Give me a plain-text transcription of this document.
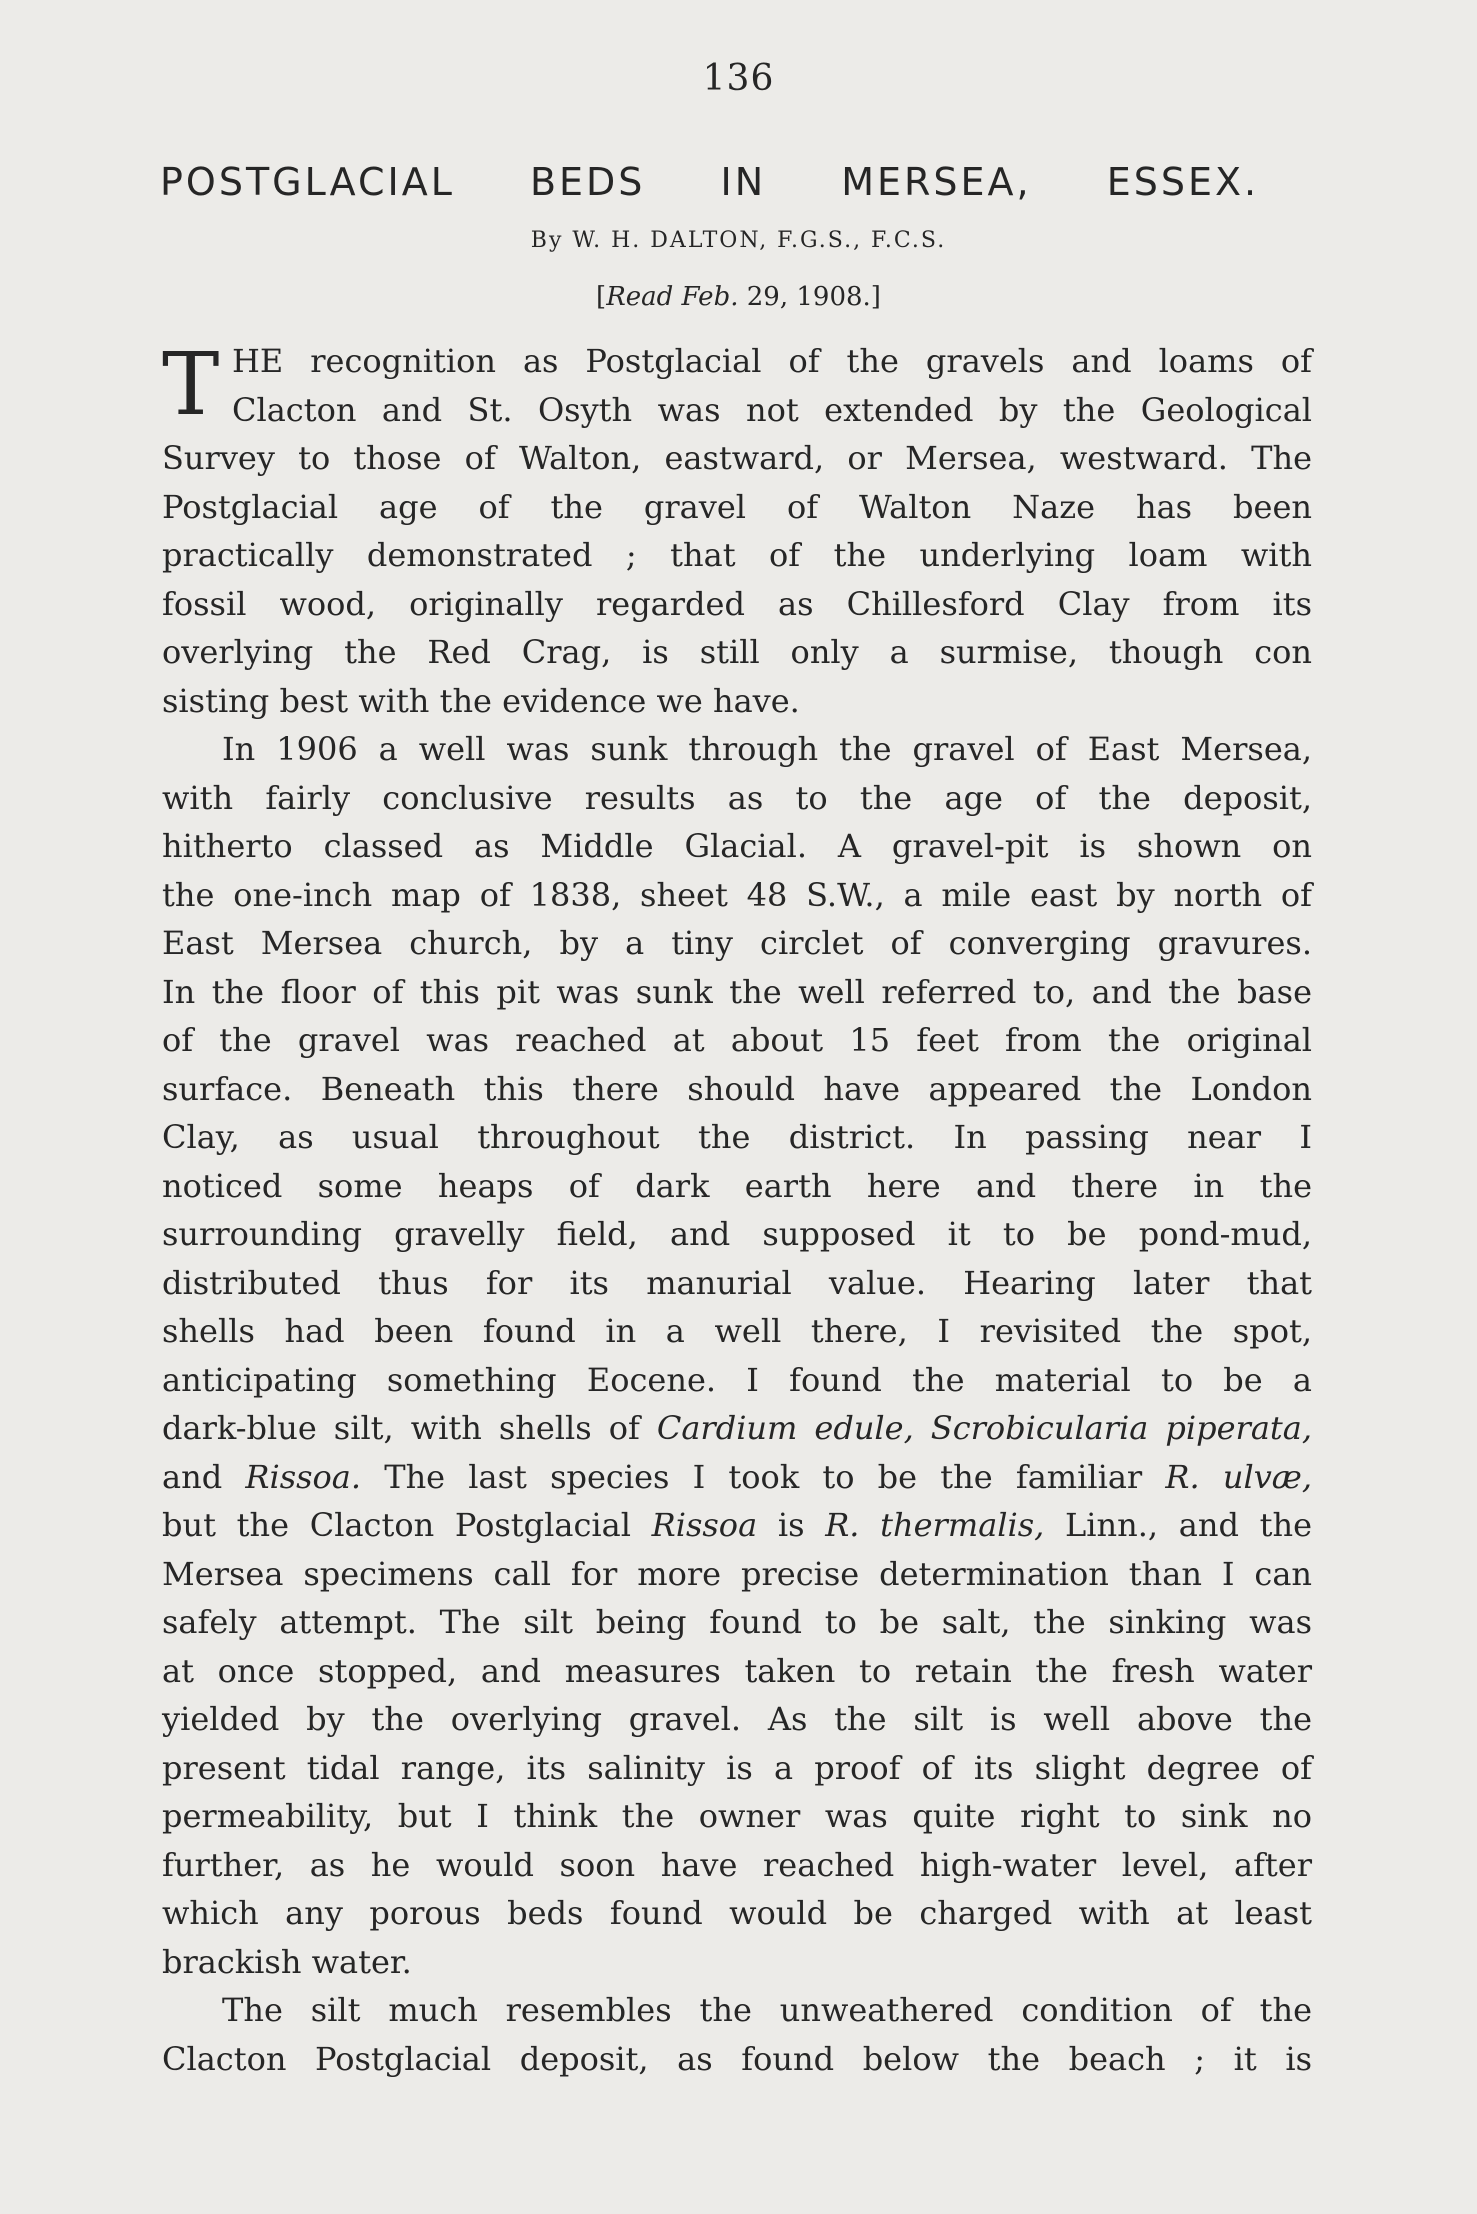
136
POSTGLACIAL BEDS IN MERSEA, ESSEX.
By W. H. DALTON, F.G.S., F.C.S.
[Read Feb. 29, 1908.]
T HE recognition as Postglacial of the gravels and loams of
Clacton and St. Osyth was not extended by the Geological
Survey to those of Walton, eastward, or Mersea, westward. The
Postglacial age of the gravel of Walton Naze has been
practically demonstrated ; that of the underlying loam with
fossil wood, originally regarded as Chillesford Clay from its
overlying the Red Crag, is still only a surmise, though con
sisting best with the evidence we have.
In 1906 a well was sunk through the gravel of East Mersea,
with fairly conclusive results as to the age of the deposit,
hitherto classed as Middle Glacial. A gravel-pit is shown on
the one-inch map of 1838, sheet 48 S.W., a mile east by north of
East Mersea church, by a tiny circlet of converging gravures.
In the floor of this pit was sunk the well referred to, and the base
of the gravel was reached at about 15 feet from the original
surface. Beneath this there should have appeared the London
Clay, as usual throughout the district. In passing near I
noticed some heaps of dark earth here and there in the
surrounding gravelly field, and supposed it to be pond-mud,
distributed thus for its manurial value. Hearing later that
shells had been found in a well there, I revisited the spot,
anticipating something Eocene. I found the material to be a
dark-blue silt, with shells of Cardium edule, Scrobicularia piperata,
and Rissoa. The last species I took to be the familiar R. ulvæ,
but the Clacton Postglacial Rissoa is R. thermalis, Linn., and the
Mersea specimens call for more precise determination than I can
safely attempt. The silt being found to be salt, the sinking was
at once stopped, and measures taken to retain the fresh water
yielded by the overlying gravel. As the silt is well above the
present tidal range, its salinity is a proof of its slight degree of
permeability, but I think the owner was quite right to sink no
further, as he would soon have reached high-water level, after
which any porous beds found would be charged with at least
brackish water.
The silt much resembles the unweathered condition of the
Clacton Postglacial deposit, as found below the beach ; it is
